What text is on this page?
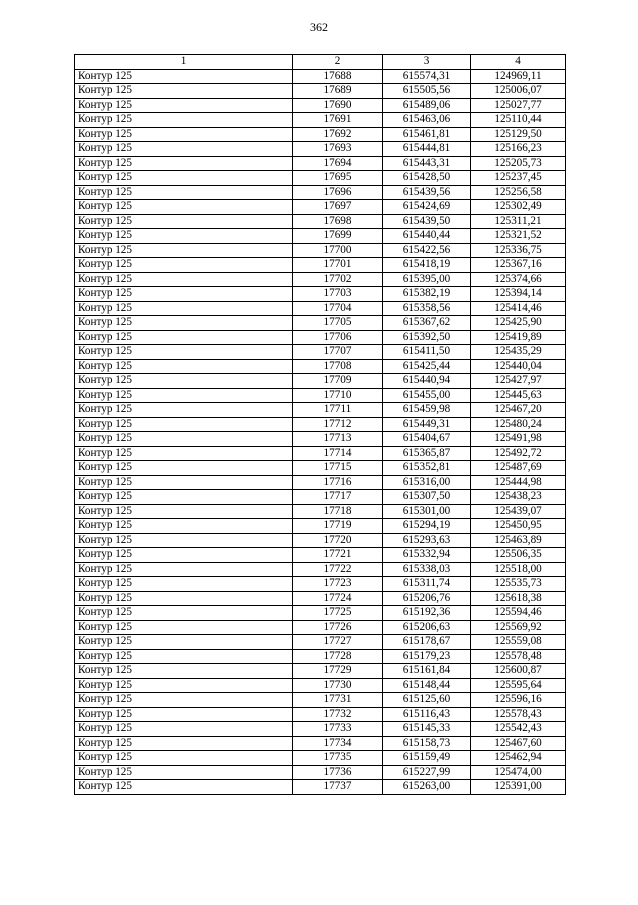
362
1	2	3	4
Контур 125	17688	615574,31	124969,11
Контур 125	17689	615505,56	125006,07
Контур 125	17690	615489,06	125027,77
Контур 125	17691	615463,06	125110,44
Контур 125	17692	615461,81	125129,50
Контур 125	17693	615444,81	125166,23
Контур 125	17694	615443,31	125205,73
Контур 125	17695	615428,50	125237,45
Контур 125	17696	615439,56	125256,58
Контур 125	17697	615424,69	125302,49
Контур 125	17698	615439,50	125311,21
Контур 125	17699	615440,44	125321,52
Контур 125	17700	615422,56	125336,75
Контур 125	17701	615418,19	125367,16
Контур 125	17702	615395,00	125374,66
Контур 125	17703	615382,19	125394,14
Контур 125	17704	615358,56	125414,46
Контур 125	17705	615367,62	125425,90
Контур 125	17706	615392,50	125419,89
Контур 125	17707	615411,50	125435,29
Контур 125	17708	615425,44	125440,04
Контур 125	17709	615440,94	125427,97
Контур 125	17710	615455,00	125445,63
Контур 125	17711	615459,98	125467,20
Контур 125	17712	615449,31	125480,24
Контур 125	17713	615404,67	125491,98
Контур 125	17714	615365,87	125492,72
Контур 125	17715	615352,81	125487,69
Контур 125	17716	615316,00	125444,98
Контур 125	17717	615307,50	125438,23
Контур 125	17718	615301,00	125439,07
Контур 125	17719	615294,19	125450,95
Контур 125	17720	615293,63	125463,89
Контур 125	17721	615332,94	125506,35
Контур 125	17722	615338,03	125518,00
Контур 125	17723	615311,74	125535,73
Контур 125	17724	615206,76	125618,38
Контур 125	17725	615192,36	125594,46
Контур 125	17726	615206,63	125569,92
Контур 125	17727	615178,67	125559,08
Контур 125	17728	615179,23	125578,48
Контур 125	17729	615161,84	125600,87
Контур 125	17730	615148,44	125595,64
Контур 125	17731	615125,60	125596,16
Контур 125	17732	615116,43	125578,43
Контур 125	17733	615145,33	125542,43
Контур 125	17734	615158,73	125467,60
Контур 125	17735	615159,49	125462,94
Контур 125	17736	615227,99	125474,00
Контур 125	17737	615263,00	125391,00
